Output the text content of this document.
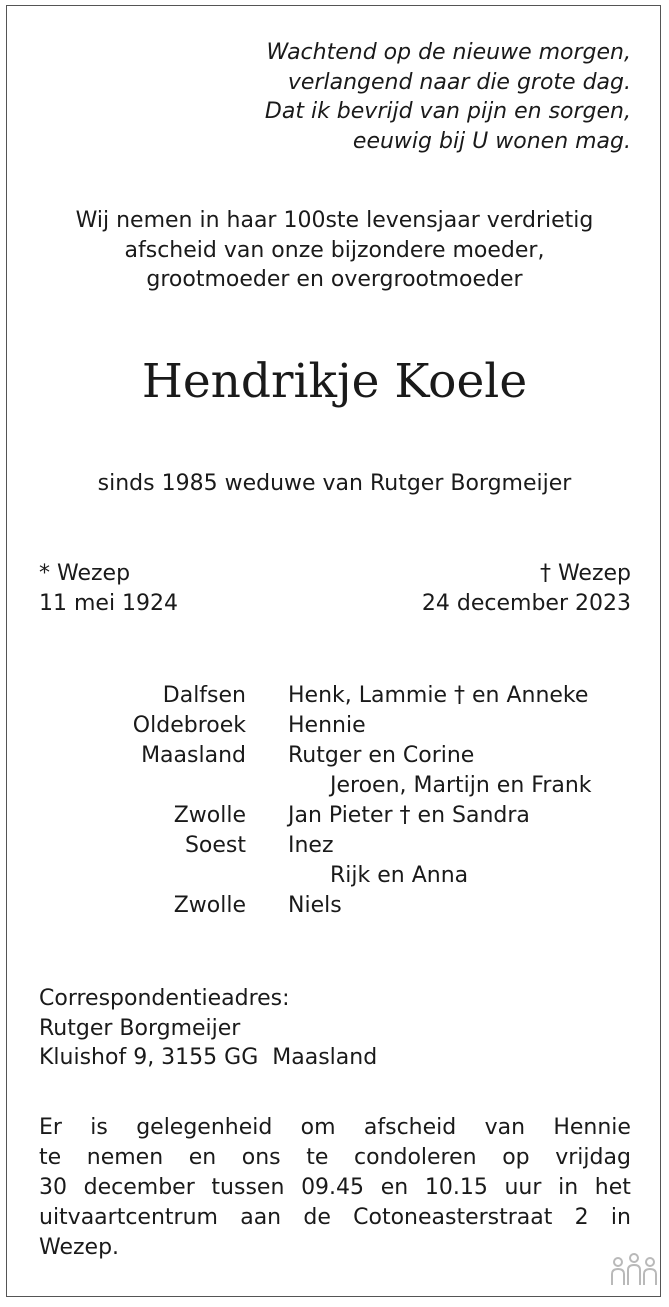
Wachtend op de nieuwe morgen,
verlangend naar die grote dag.
Dat ik bevrijd van pijn en sorgen,
eeuwig bij U wonen mag.
Wij nemen in haar 100ste levensjaar verdrietig
afscheid van onze bijzondere moeder,
grootmoeder en overgrootmoeder
Hendrikje Koele
sinds 1985 weduwe van Rutger Borgmeijer
* Wezep
11 mei 1924
† Wezep
24 december 2023
Dalfsen Henk, Lammie † en Anneke
Oldebroek Hennie
Maasland Rutger en Corine
Jeroen, Martijn en Frank
Zwolle Jan Pieter † en Sandra
Soest Inez
Rijk en Anna
Zwolle Niels
Correspondentieadres:
Rutger Borgmeijer
Kluishof 9, 3155 GG  Maasland
Er is gelegenheid om afscheid van Hennie
te nemen en ons te condoleren op vrijdag
30 december tussen 09.45 en 10.15 uur in het
uitvaartcentrum aan de Cotoneasterstraat 2 in
Wezep.
